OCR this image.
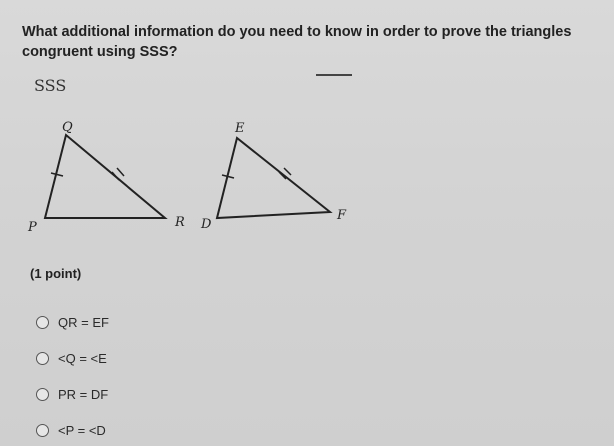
What additional information do you need to know in order to prove the triangles congruent using SSS?
SSS
Q
P	R
E
D
F
(1 point)
QR = EF
<Q = <E
PR = DF
<P = <D
